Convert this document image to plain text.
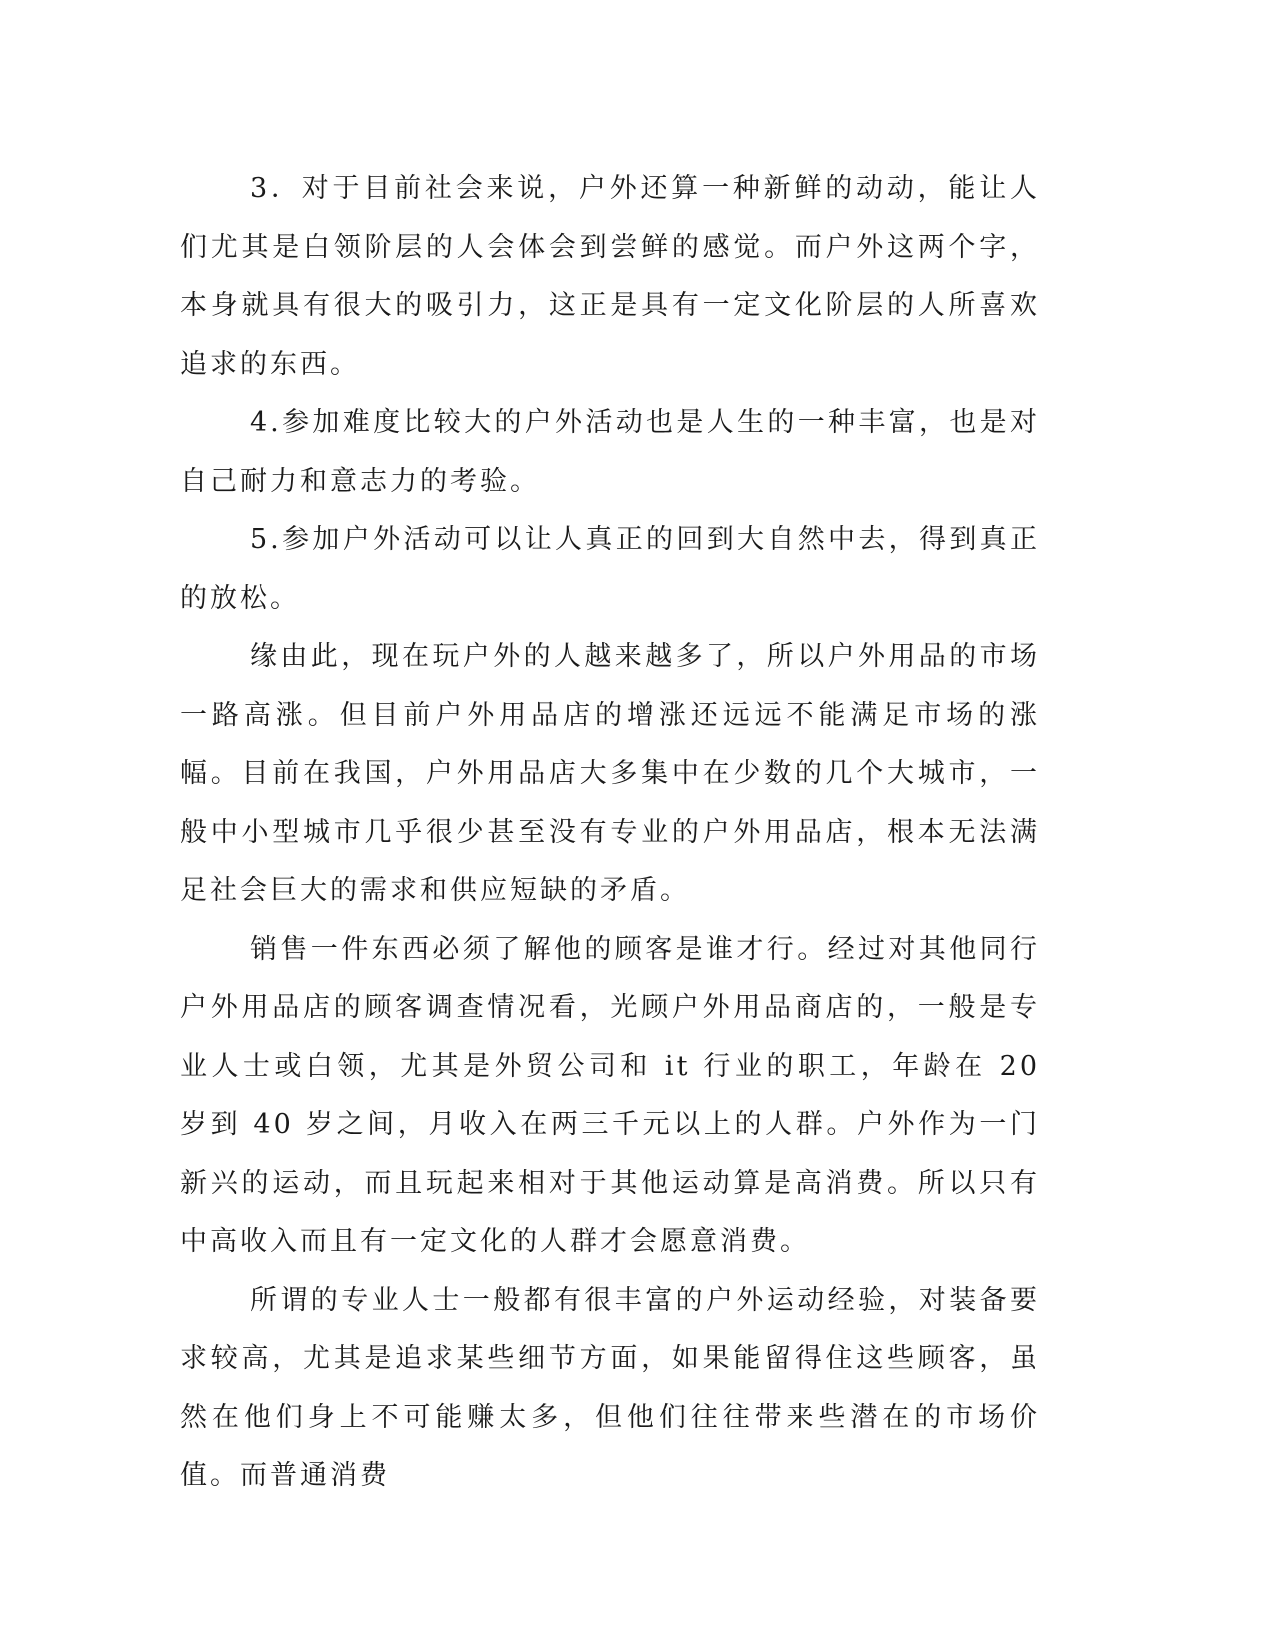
3．对于目前社会来说，户外还算一种新鲜的动动，能让人们尤其是白领阶层的人会体会到尝鲜的感觉。而户外这两个字，本身就具有很大的吸引力，这正是具有一定文化阶层的人所喜欢追求的东西。

4.参加难度比较大的户外活动也是人生的一种丰富，也是对自己耐力和意志力的考验。

5.参加户外活动可以让人真正的回到大自然中去，得到真正的放松。

缘由此，现在玩户外的人越来越多了，所以户外用品的市场一路高涨。但目前户外用品店的增涨还远远不能满足市场的涨幅。目前在我国，户外用品店大多集中在少数的几个大城市，一般中小型城市几乎很少甚至没有专业的户外用品店，根本无法满足社会巨大的需求和供应短缺的矛盾。

销售一件东西必须了解他的顾客是谁才行。经过对其他同行户外用品店的顾客调查情况看，光顾户外用品商店的，一般是专业人士或白领，尤其是外贸公司和 it 行业的职工，年龄在 20 岁到 40 岁之间，月收入在两三千元以上的人群。户外作为一门新兴的运动，而且玩起来相对于其他运动算是高消费。所以只有中高收入而且有一定文化的人群才会愿意消费。

所谓的专业人士一般都有很丰富的户外运动经验，对装备要求较高，尤其是追求某些细节方面，如果能留得住这些顾客，虽然在他们身上不可能赚太多，但他们往往带来些潜在的市场价值。而普通消费
